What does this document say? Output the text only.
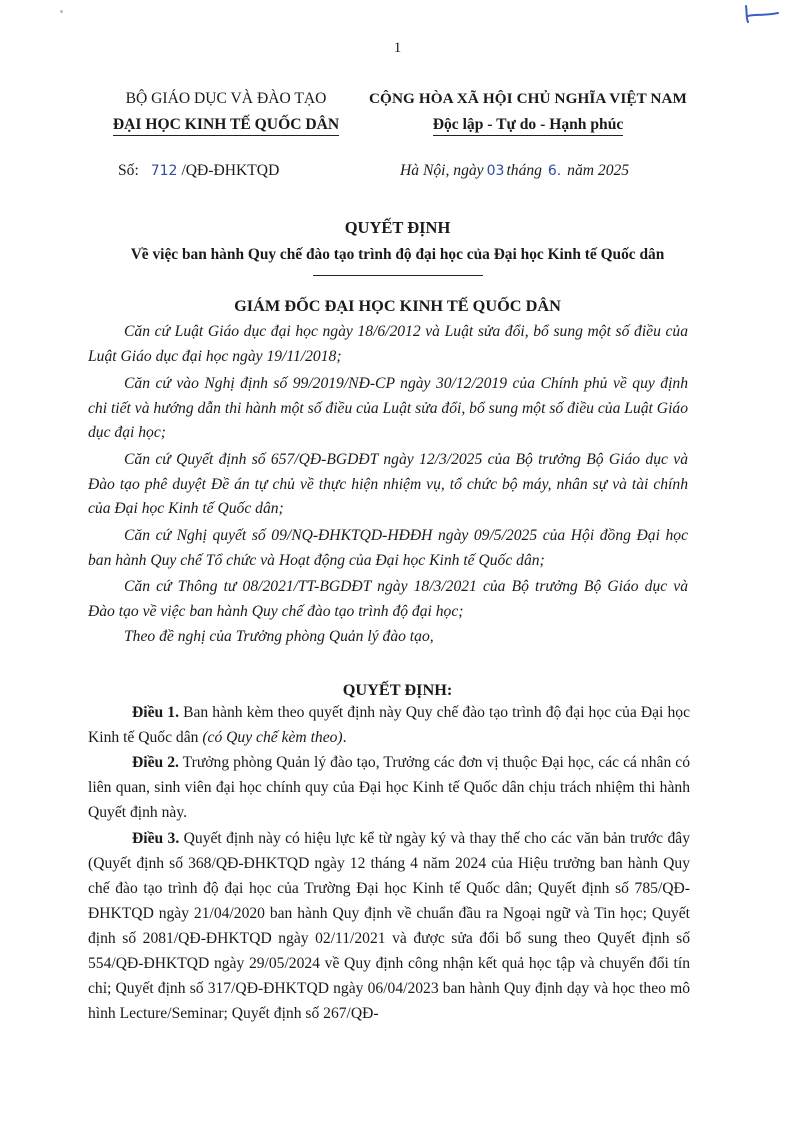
1
BỘ GIÁO DỤC VÀ ĐÀO TẠO
ĐẠI HỌC KINH TẾ QUỐC DÂN
CỘNG HÒA XÃ HỘI CHỦ NGHĨA VIỆT NAM
Độc lập - Tự do - Hạnh phúc
Số: 712 /QĐ-ĐHKTQD	Hà Nội, ngày 03 tháng 6. năm 2025
QUYẾT ĐỊNH
Về việc ban hành Quy chế đào tạo trình độ đại học của Đại học Kinh tế Quốc dân
GIÁM ĐỐC ĐẠI HỌC KINH TẾ QUỐC DÂN
Căn cứ Luật Giáo dục đại học ngày 18/6/2012 và Luật sửa đổi, bổ sung một số điều của Luật Giáo dục đại học ngày 19/11/2018;
Căn cứ vào Nghị định số 99/2019/NĐ-CP ngày 30/12/2019 của Chính phủ về quy định chi tiết và hướng dẫn thi hành một số điều của Luật sửa đổi, bổ sung một số điều của Luật Giáo dục đại học;
Căn cứ Quyết định số 657/QĐ-BGDĐT ngày 12/3/2025 của Bộ trưởng Bộ Giáo dục và Đào tạo phê duyệt Đề án tự chủ về thực hiện nhiệm vụ, tổ chức bộ máy, nhân sự và tài chính của Đại học Kinh tế Quốc dân;
Căn cứ Nghị quyết số 09/NQ-ĐHKTQD-HĐĐH ngày 09/5/2025 của Hội đồng Đại học ban hành Quy chế Tổ chức và Hoạt động của Đại học Kinh tế Quốc dân;
Căn cứ Thông tư 08/2021/TT-BGDĐT ngày 18/3/2021 của Bộ trưởng Bộ Giáo dục và Đào tạo về việc ban hành Quy chế đào tạo trình độ đại học;
Theo đề nghị của Trưởng phòng Quản lý đào tạo,
QUYẾT ĐỊNH:
Điều 1. Ban hành kèm theo quyết định này Quy chế đào tạo trình độ đại học của Đại học Kinh tế Quốc dân (có Quy chế kèm theo).
Điều 2. Trưởng phòng Quản lý đào tạo, Trưởng các đơn vị thuộc Đại học, các cá nhân có liên quan, sinh viên đại học chính quy của Đại học Kinh tế Quốc dân chịu trách nhiệm thi hành Quyết định này.
Điều 3. Quyết định này có hiệu lực kể từ ngày ký và thay thế cho các văn bản trước đây (Quyết định số 368/QĐ-ĐHKTQD ngày 12 tháng 4 năm 2024 của Hiệu trưởng ban hành Quy chế đào tạo trình độ đại học của Trường Đại học Kinh tế Quốc dân; Quyết định số 785/QĐ-ĐHKTQD ngày 21/04/2020 ban hành Quy định về chuẩn đầu ra Ngoại ngữ và Tin học; Quyết định số 2081/QĐ-ĐHKTQD ngày 02/11/2021 và được sửa đổi bổ sung theo Quyết định số 554/QĐ-ĐHKTQD ngày 29/05/2024 về Quy định công nhận kết quả học tập và chuyển đổi tín chỉ; Quyết định số 317/QĐ-ĐHKTQD ngày 06/04/2023 ban hành Quy định dạy và học theo mô hình Lecture/Seminar; Quyết định số 267/QĐ-
